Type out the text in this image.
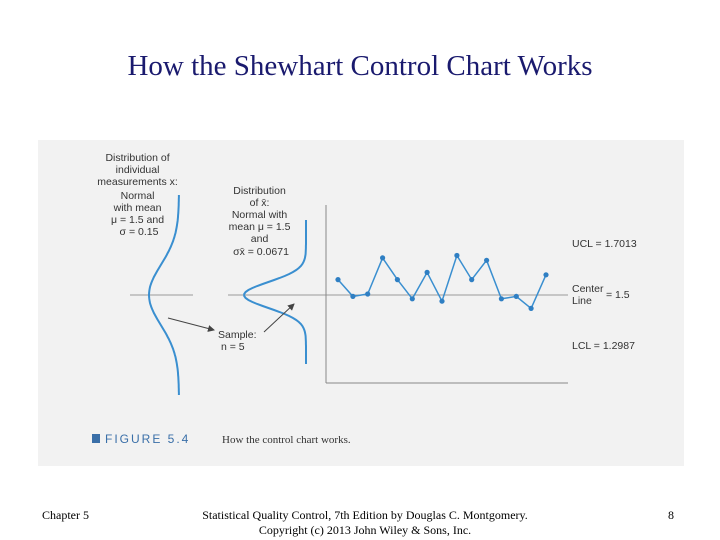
How the Shewhart Control Chart Works
Distribution of individual measurements x: Normal with mean μ = 1.5 and σ = 0.15
Distribution of x̄: Normal with mean μ = 1.5 and σx̄ = 0.0671
Sample: n = 5
UCL = 1.7013
Center Line	= 1.5
LCL = 1.2987
FIGURE 5.4	How the control chart works.
Chapter 5	Statistical Quality Control, 7th Edition by Douglas C. Montgomery.
Copyright (c) 2013 John Wiley & Sons, Inc.
8
